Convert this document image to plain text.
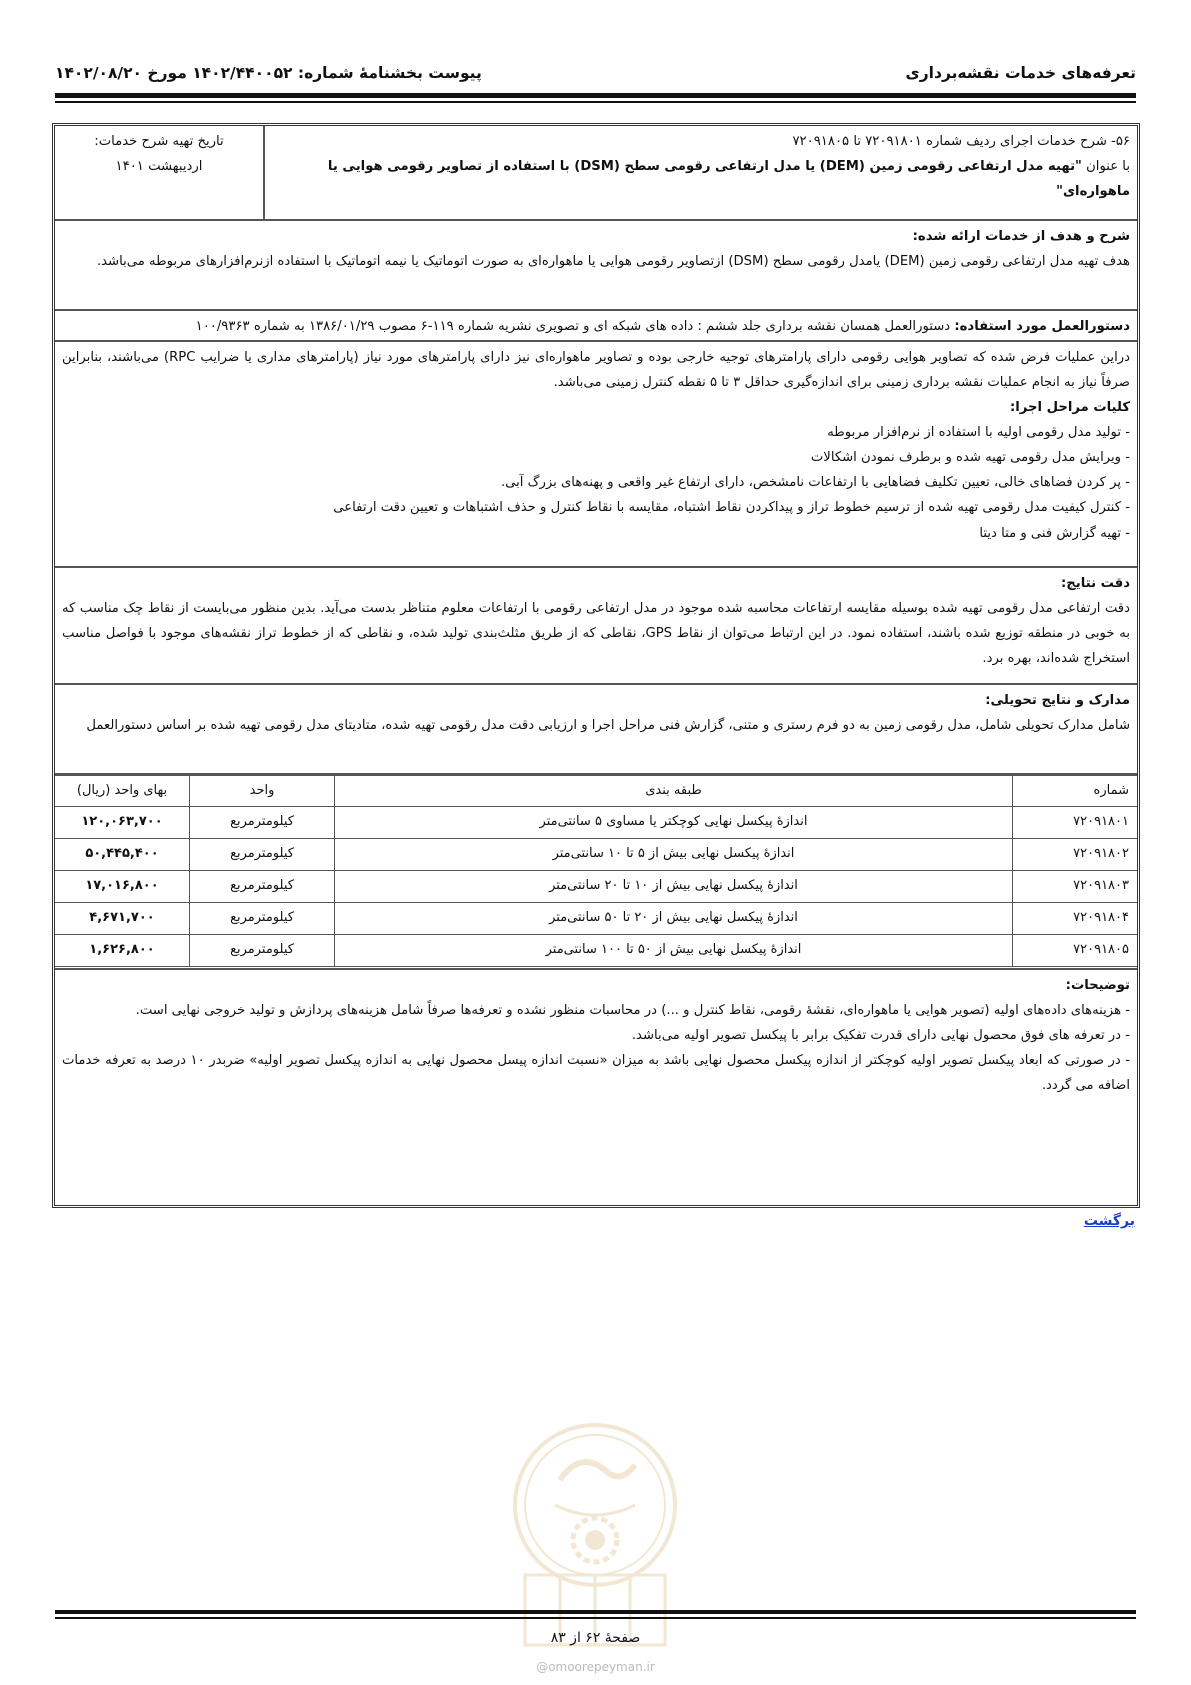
تعرفه‌های خدمات نقشه‌برداری
پیوست بخشنامهٔ شماره: ۱۴۰۲/۴۴۰۰۵۲ مورخ ۱۴۰۲/۰۸/۲۰
۵۶- شرح خدمات اجرای ردیف شماره ۷۲۰۹۱۸۰۱ تا ۷۲۰۹۱۸۰۵
با عنوان "تهیه مدل ارتفاعی رقومی زمین (DEM) یا مدل ارتفاعی رقومی سطح (DSM) با استفاده از تصاویر رقومی هوایی یا ماهواره‌ای"
تاریخ تهیه شرح خدمات:
اردیبهشت ۱۴۰۱
شرح و هدف از خدمات ارائه شده:
هدف تهیه مدل ارتفاعی رقومی زمین (DEM) یامدل رقومی سطح (DSM) ازتصاویر رقومی هوایی یا ماهواره‌ای به صورت اتوماتیک یا نیمه اتوماتیک با استفاده ازنرم‌افزارهای مربوطه می‌باشد.
دستورالعمل مورد استفاده: دستورالعمل همسان نقشه برداری جلد ششم : داده های شبکه ای و تصویری نشریه شماره ۱۱۹-۶ مصوب ۱۳۸۶/۰۱/۲۹ به شماره ۱۰۰/۹۳۶۳
دراین عملیات فرض شده که تصاویر هوایی رقومی دارای پارامترهای توجیه خارجی بوده و تصاویر ماهواره‌ای نیز دارای پارامترهای مورد نیاز (پارامترهای مداری یا ضرایب RPC) می‌باشند، بنابراین صرفاً نیاز به انجام عملیات نقشه برداری زمینی برای اندازه‌گیری حداقل ۳ تا ۵ نقطه کنترل زمینی می‌باشد.
کلیات مراحل اجرا:
- تولید مدل رقومی اولیه با استفاده از نرم‌افزار مربوطه
- ویرایش مدل رقومی تهیه شده و برطرف نمودن اشکالات
- پر کردن فضاهای خالی، تعیین تکلیف فضاهایی با ارتفاعات نامشخص، دارای ارتفاع غیر واقعی و پهنه‌های بزرگ آبی.
- کنترل کیفیت مدل رقومی تهیه شده از ترسیم خطوط تراز و پیداکردن نقاط اشتباه، مقایسه با نقاط کنترل و حذف اشتباهات و تعیین دقت ارتفاعی
- تهیه گزارش فنی و متا دیتا
دقت نتایج:
دقت ارتفاعی مدل رقومی تهیه شده بوسیله مقایسه ارتفاعات محاسبه شده موجود در مدل ارتفاعی رقومی با ارتفاعات معلوم متناظر بدست می‌آید. بدین منظور می‌بایست از نقاط چک مناسب که به خوبی در منطقه توزیع شده باشند، استفاده نمود. در این ارتباط می‌توان از نقاط GPS، نقاطی که از طریق مثلث‌بندی تولید شده، و نقاطی که از خطوط تراز نقشه‌های موجود با فواصل مناسب استخراج شده‌اند، بهره برد.
مدارک و نتایج تحویلی:
شامل مدارک تحویلی شامل، مدل رقومی زمین به دو فرم رستری و متنی، گزارش فنی مراحل اجرا و ارزیابی دقت مدل رقومی تهیه شده، متادیتای مدل رقومی تهیه شده بر اساس دستورالعمل
شماره	طبقه بندی	واحد	بهای واحد (ریال)
۷۲۰۹۱۸۰۱	اندازهٔ پیکسل نهایی کوچکتر یا مساوی ۵ سانتی‌متر	کیلومترمربع	۱۲۰,۰۶۳,۷۰۰
۷۲۰۹۱۸۰۲	اندازهٔ پیکسل نهایی بیش از ۵ تا ۱۰ سانتی‌متر	کیلومترمربع	۵۰,۴۴۵,۴۰۰
۷۲۰۹۱۸۰۳	اندازهٔ پیکسل نهایی بیش از ۱۰ تا ۲۰ سانتی‌متر	کیلومترمربع	۱۷,۰۱۶,۸۰۰
۷۲۰۹۱۸۰۴	اندازهٔ پیکسل نهایی بیش از ۲۰ تا ۵۰ سانتی‌متر	کیلومترمربع	۴,۶۷۱,۷۰۰
۷۲۰۹۱۸۰۵	اندازهٔ پیکسل نهایی بیش از ۵۰ تا ۱۰۰ سانتی‌متر	کیلومترمربع	۱,۶۲۶,۸۰۰
توضیحات:
- هزینه‌های داده‌های اولیه (تصویر هوایی یا ماهواره‌ای، نقشهٔ رقومی، نقاط کنترل و ...) در محاسبات منظور نشده و تعرفه‌ها صرفاً شامل هزینه‌های پردازش و تولید خروجی نهایی است.
- در تعرفه های فوق محصول نهایی دارای قدرت تفکیک برابر با پیکسل تصویر اولیه می‌باشد.
- در صورتی که ابعاد پیکسل تصویر اولیه کوچکتر از اندازه پیکسل محصول نهایی باشد به میزان «نسبت اندازه پیسل محصول نهایی به اندازه پیکسل تصویر اولیه» ضربدر ۱۰ درصد به تعرفه خدمات اضافه می گردد.
برگشت
صفحهٔ ۶۲ از ۸۳
@omoorepeyman.ir
